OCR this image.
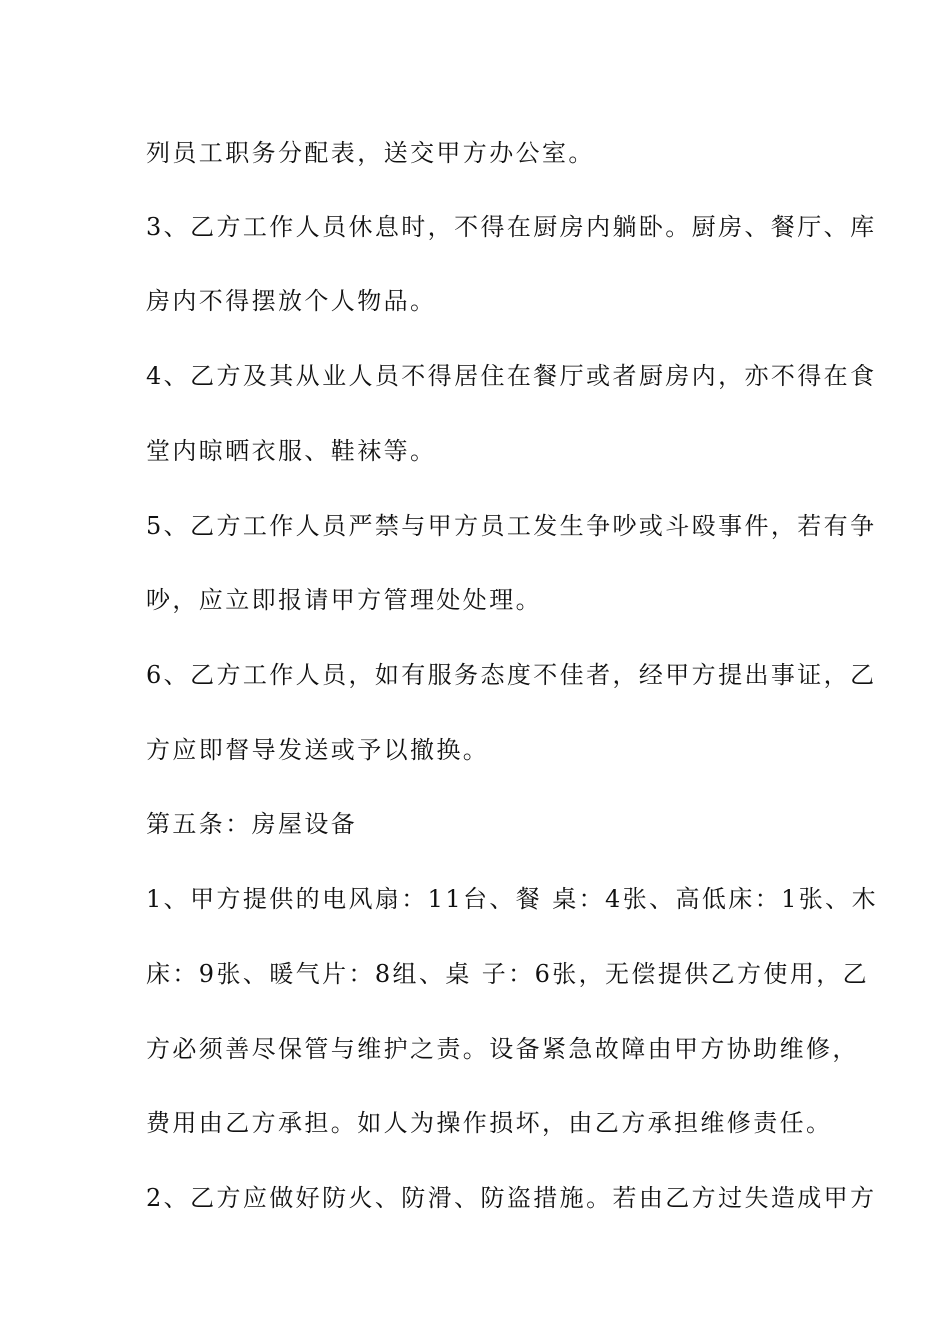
列员工职务分配表，送交甲方办公室。
3、乙方工作人员休息时，不得在厨房内躺卧。厨房、餐厅、库
房内不得摆放个人物品。
4、乙方及其从业人员不得居住在餐厅或者厨房内，亦不得在食
堂内晾晒衣服、鞋袜等。
5、乙方工作人员严禁与甲方员工发生争吵或斗殴事件，若有争
吵，应立即报请甲方管理处处理。
6、乙方工作人员，如有服务态度不佳者，经甲方提出事证，乙
方应即督导发送或予以撤换。
第五条：房屋设备
1、甲方提供的电风扇：11台、餐 桌：4张、高低床：1张、木
床：9张、暖气片：8组、桌 子：6张，无偿提供乙方使用，乙
方必须善尽保管与维护之责。设备紧急故障由甲方协助维修，
费用由乙方承担。如人为操作损坏，由乙方承担维修责任。
2、乙方应做好防火、防滑、防盗措施。若由乙方过失造成甲方
